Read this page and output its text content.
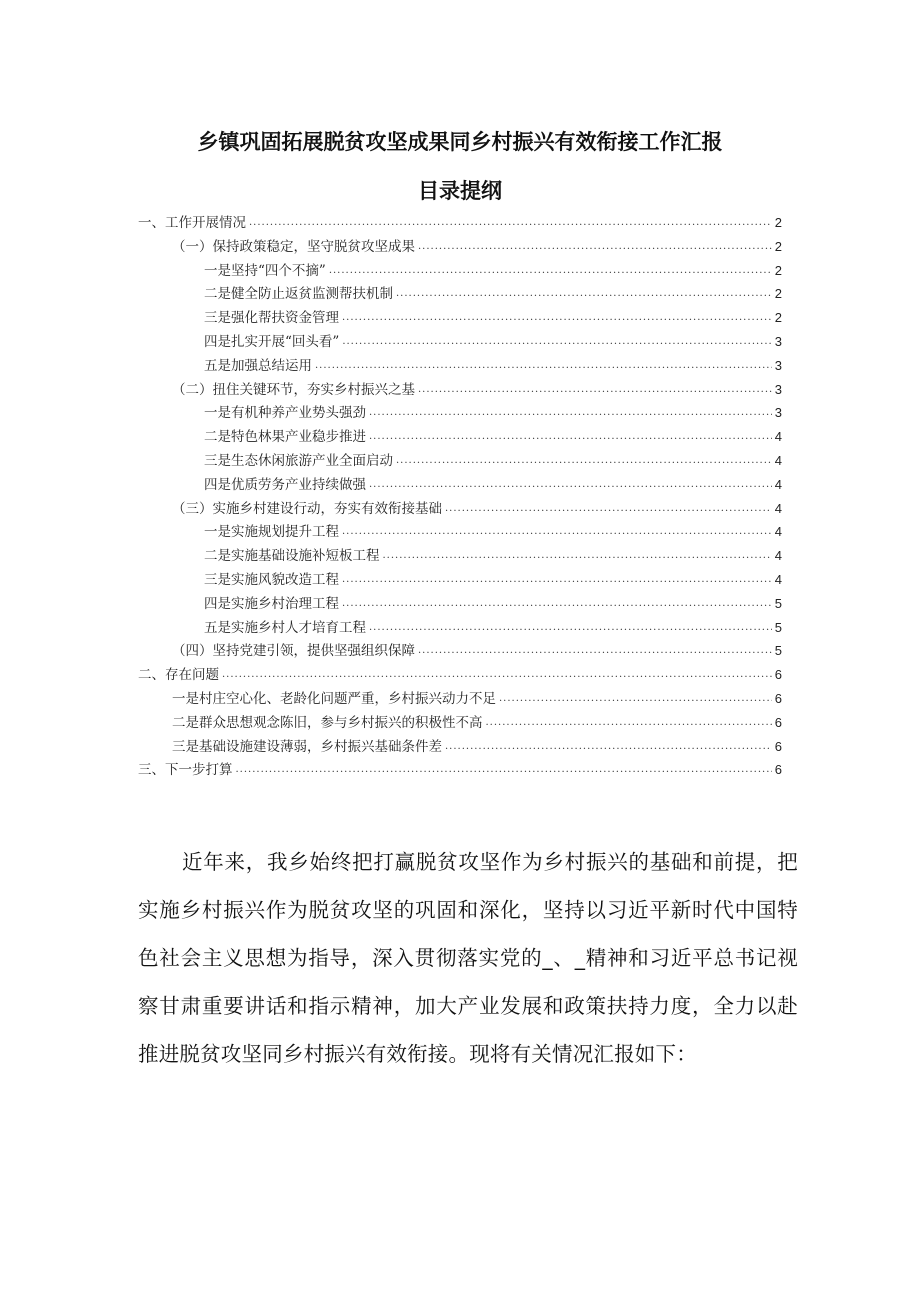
乡镇巩固拓展脱贫攻坚成果同乡村振兴有效衔接工作汇报
目录提纲
一、工作开展情况 .....	2
（一）保持政策稳定，坚守脱贫攻坚成果 .....	2
一是坚持“四个不摘” .....	2
二是健全防止返贫监测帮扶机制 .....	2
三是强化帮扶资金管理 .....	2
四是扎实开展“回头看” .....	3
五是加强总结运用 .....	3
（二）扭住关键环节，夯实乡村振兴之基 .....	3
一是有机种养产业势头强劲 .....	3
二是特色林果产业稳步推进 .....	4
三是生态休闲旅游产业全面启动 .....	4
四是优质劳务产业持续做强 .....	4
（三）实施乡村建设行动，夯实有效衔接基础 .....	4
一是实施规划提升工程 .....	4
二是实施基础设施补短板工程 .....	4
三是实施风貌改造工程 .....	4
四是实施乡村治理工程 .....	5
五是实施乡村人才培育工程 .....	5
（四）坚持党建引领，提供坚强组织保障 .....	5
二、存在问题 .....	6
一是村庄空心化、老龄化问题严重，乡村振兴动力不足 .....	6
二是群众思想观念陈旧，参与乡村振兴的积极性不高 .....	6
三是基础设施建设薄弱，乡村振兴基础条件差 .....	6
三、下一步打算 .....	6

近年来，我乡始终把打赢脱贫攻坚作为乡村振兴的基础和前提，把实施乡村振兴作为脱贫攻坚的巩固和深化，坚持以习近平新时代中国特色社会主义思想为指导，深入贯彻落实党的_、_精神和习近平总书记视察甘肃重要讲话和指示精神，加大产业发展和政策扶持力度，全力以赴推进脱贫攻坚同乡村振兴有效衔接。现将有关情况汇报如下：
